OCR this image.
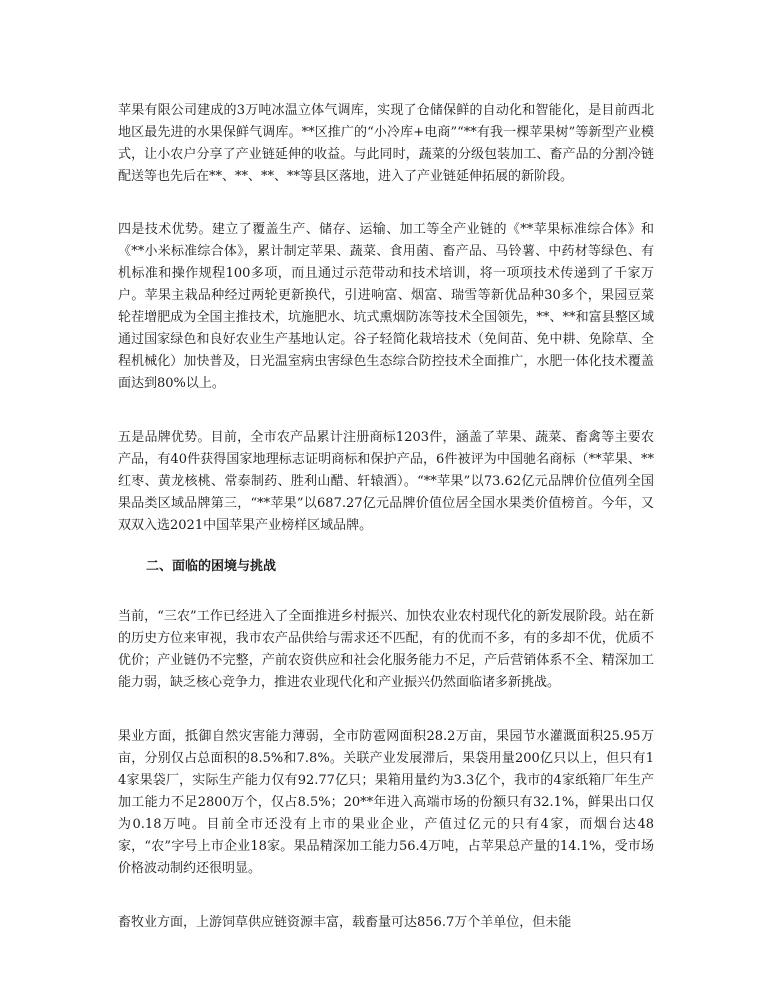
苹果有限公司建成的3万吨冰温立体气调库，实现了仓储保鲜的自动化和智能化，是目前西北地区最先进的水果保鲜气调库。**区推广的“小冷库+电商”“**有我一棵苹果树”等新型产业模式，让小农户分享了产业链延伸的收益。与此同时，蔬菜的分级包装加工、畜产品的分割冷链配送等也先后在**、**、**、**等县区落地，进入了产业链延伸拓展的新阶段。

四是技术优势。建立了覆盖生产、储存、运输、加工等全产业链的《**苹果标准综合体》和《**小米标准综合体》，累计制定苹果、蔬菜、食用菌、畜产品、马铃薯、中药材等绿色、有机标准和操作规程100多项，而且通过示范带动和技术培训，将一项项技术传递到了千家万户。苹果主栽品种经过两轮更新换代，引进响富、烟富、瑞雪等新优品种30多个，果园豆菜轮茬增肥成为全国主推技术，坑施肥水、坑式熏烟防冻等技术全国领先，**、**和富县整区域通过国家绿色和良好农业生产基地认定。谷子轻简化栽培技术（免间苗、免中耕、免除草、全程机械化）加快普及，日光温室病虫害绿色生态综合防控技术全面推广，水肥一体化技术覆盖面达到80%以上。

五是品牌优势。目前，全市农产品累计注册商标1203件，涵盖了苹果、蔬菜、畜禽等主要农产品，有40件获得国家地理标志证明商标和保护产品，6件被评为中国驰名商标（**苹果、**红枣、黄龙核桃、常泰制药、胜利山醋、轩辕酒）。“**苹果”以73.62亿元品牌价位值列全国果品类区域品牌第三，“**苹果”以687.27亿元品牌价值位居全国水果类价值榜首。今年，又双双入选2021中国苹果产业榜样区域品牌。

二、面临的困境与挑战

当前，“三农”工作已经进入了全面推进乡村振兴、加快农业农村现代化的新发展阶段。站在新的历史方位来审视，我市农产品供给与需求还不匹配，有的优而不多，有的多却不优，优质不优价；产业链仍不完整，产前农资供应和社会化服务能力不足，产后营销体系不全、精深加工能力弱，缺乏核心竞争力，推进农业现代化和产业振兴仍然面临诸多新挑战。

果业方面，抵御自然灾害能力薄弱，全市防雹网面积28.2万亩，果园节水灌溉面积25.95万亩，分别仅占总面积的8.5%和7.8%。关联产业发展滞后，果袋用量200亿只以上，但只有14家果袋厂，实际生产能力仅有92.77亿只；果箱用量约为3.3亿个，我市的4家纸箱厂年生产加工能力不足2800万个，仅占8.5%；20**年进入高端市场的份额只有32.1%，鲜果出口仅为0.18万吨。目前全市还没有上市的果业企业，产值过亿元的只有4家，而烟台达48家，“农”字号上市企业18家。果品精深加工能力56.4万吨，占苹果总产量的14.1%，受市场价格波动制约还很明显。

畜牧业方面，上游饲草供应链资源丰富，载畜量可达856.7万个羊单位，但未能
